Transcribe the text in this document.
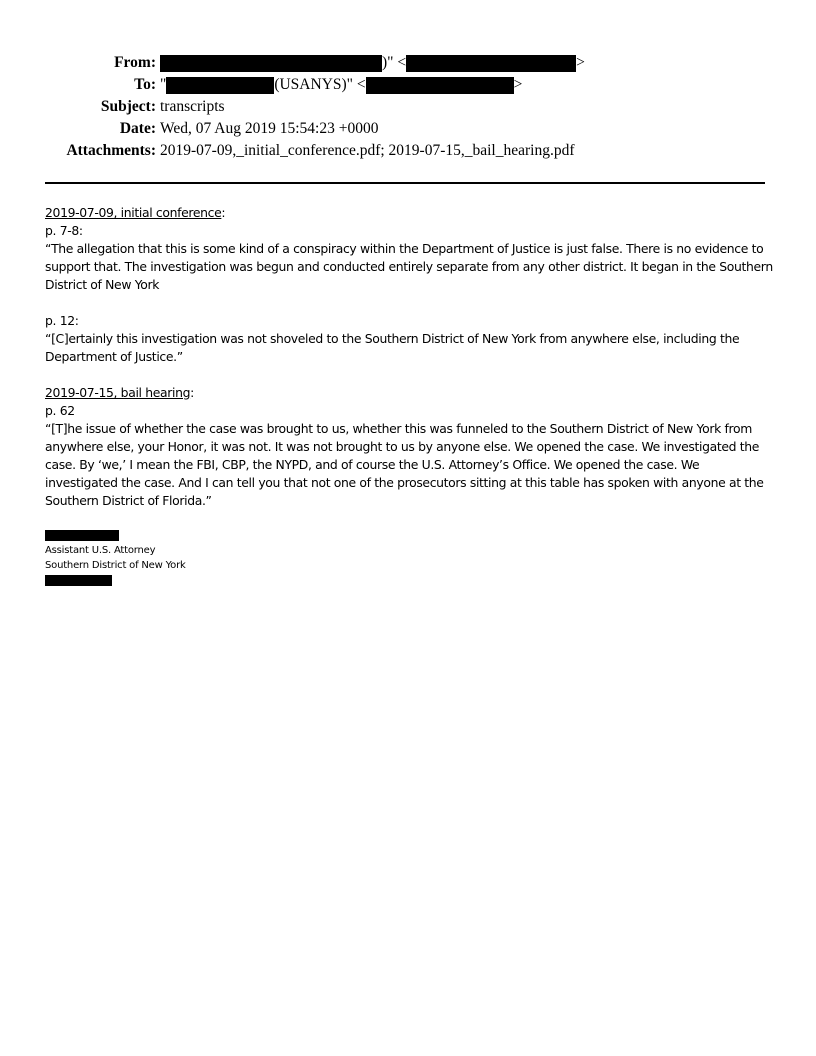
From:	)" <	>
To: "	(USANYS)" <	>
Subject: transcripts
Date: Wed, 07 Aug 2019 15:54:23 +0000
Attachments: 2019-07-09,_initial_conference.pdf; 2019-07-15,_bail_hearing.pdf

2019-07-09, initial conference:

p. 7-8:

“The allegation that this is some kind of a conspiracy within the Department of Justice is just false. There is no evidence to support that. The investigation was begun and conducted entirely separate from any other district. It began in the Southern District of New York

p. 12:

“[C]ertainly this investigation was not shoveled to the Southern District of New York from anywhere else, including the Department of Justice.”

2019-07-15, bail hearing:

p. 62

“[T]he issue of whether the case was brought to us, whether this was funneled to the Southern District of New York from anywhere else, your Honor, it was not. It was not brought to us by anyone else. We opened the case. We investigated the case. By ‘we,’ I mean the FBI, CBP, the NYPD, and of course the U.S. Attorney’s Office. We opened the case. We investigated the case. And I can tell you that not one of the prosecutors sitting at this table has spoken with anyone at the Southern District of Florida.”

Assistant U.S. Attorney
Southern District of New York
